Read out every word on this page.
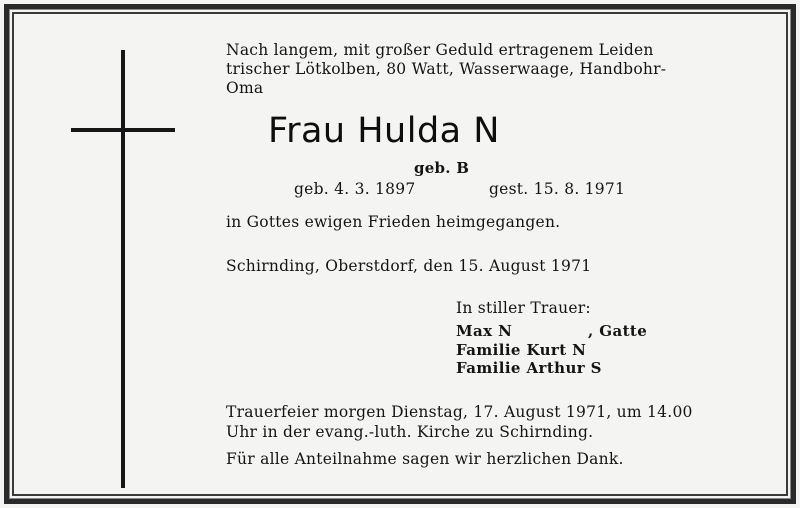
Nach langem, mit großer Geduld ertragenem Leiden
trischer Lötkolben, 80 Watt, Wasserwaage, Handbohr-
Oma
Frau Hulda N
geb. B
geb. 4. 3. 1897	gest. 15. 8. 1971
in Gottes ewigen Frieden heimgegangen.
Schirnding, Oberstdorf, den 15. August 1971
In stiller Trauer:
Max N	, Gatte
Familie Kurt N
Familie Arthur S
Trauerfeier morgen Dienstag, 17. August 1971, um 14.00
Uhr in der evang.-luth. Kirche zu Schirnding.
Für alle Anteilnahme sagen wir herzlichen Dank.
